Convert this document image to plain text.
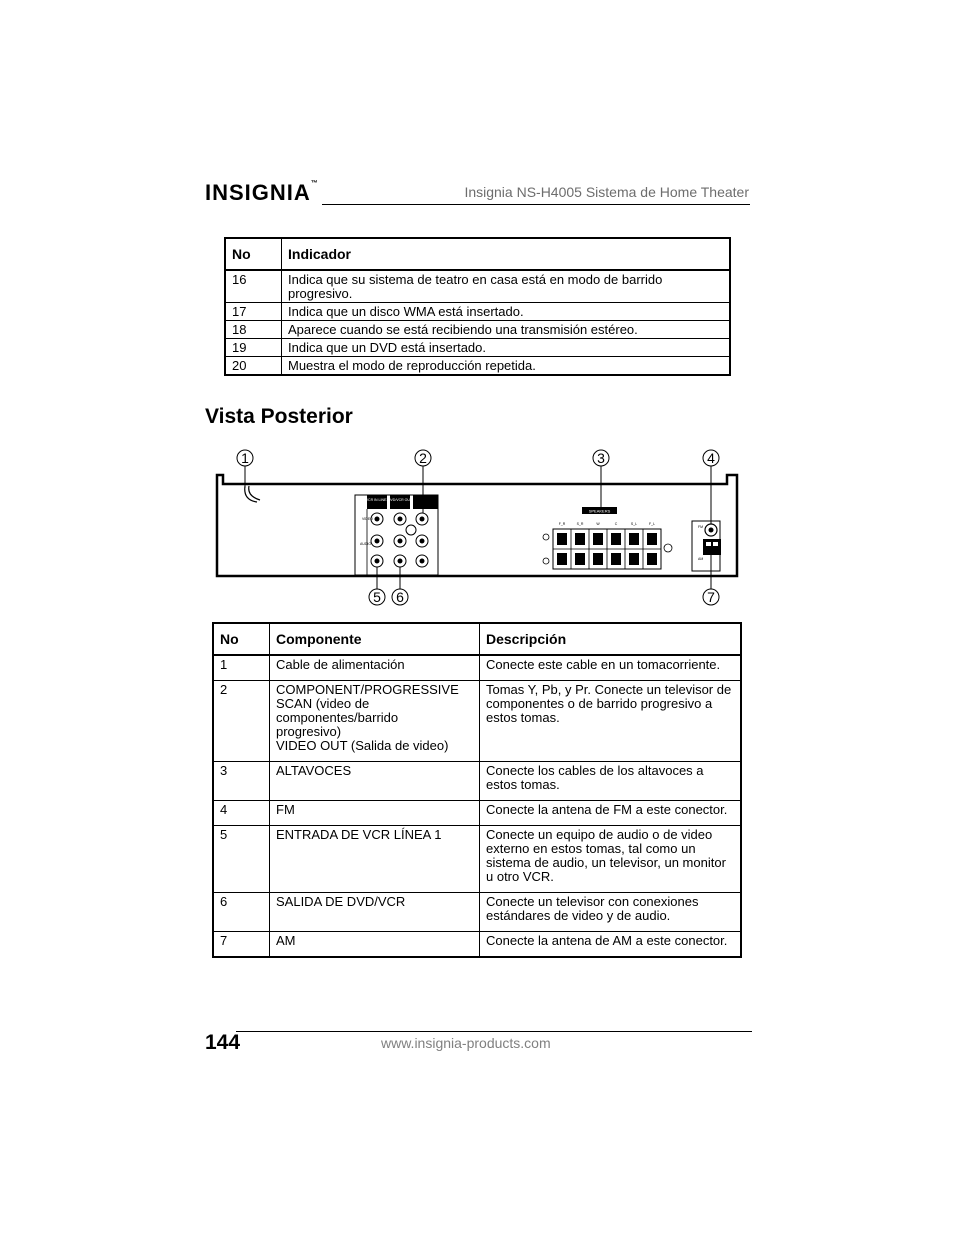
INSIGNIA™
Insignia NS-H4005 Sistema de Home Theater
No	Indicador
16	Indica que su sistema de teatro en casa está en modo de barrido progresivo.
17	Indica que un disco WMA está insertado.
18	Aparece cuando se está recibiendo una transmisión estéreo.
19	Indica que un DVD está insertado.
20	Muestra el modo de reproducción repetida.
Vista Posterior
VCR IN LINE1 DVD/VCR OUT
VIDEO
AUDIO
SPEAKERS
F_R	S_R	W	C	S_L	F_L
FM
AM
1	2	3	4
5 6	7
No	Componente	Descripción
1	Cable de alimentación	Conecte este cable en un tomacorriente.
2	COMPONENT/PROGRESSIVE
SCAN (video de
componentes/barrido
progresivo)
VIDEO OUT (Salida de video)	Tomas Y, Pb, y Pr. Conecte un televisor de componentes o de barrido progresivo a estos tomas.
3	ALTAVOCES	Conecte los cables de los altavoces a estos tomas.
4	FM	Conecte la antena de FM a este conector.
5	ENTRADA DE VCR LÍNEA 1	Conecte un equipo de audio o de video externo en estos tomas, tal como un sistema de audio, un televisor, un monitor u otro VCR.
6	SALIDA DE DVD/VCR	Conecte un televisor con conexiones estándares de video y de audio.
7	AM	Conecte la antena de AM a este conector.
144	www.insignia-products.com
